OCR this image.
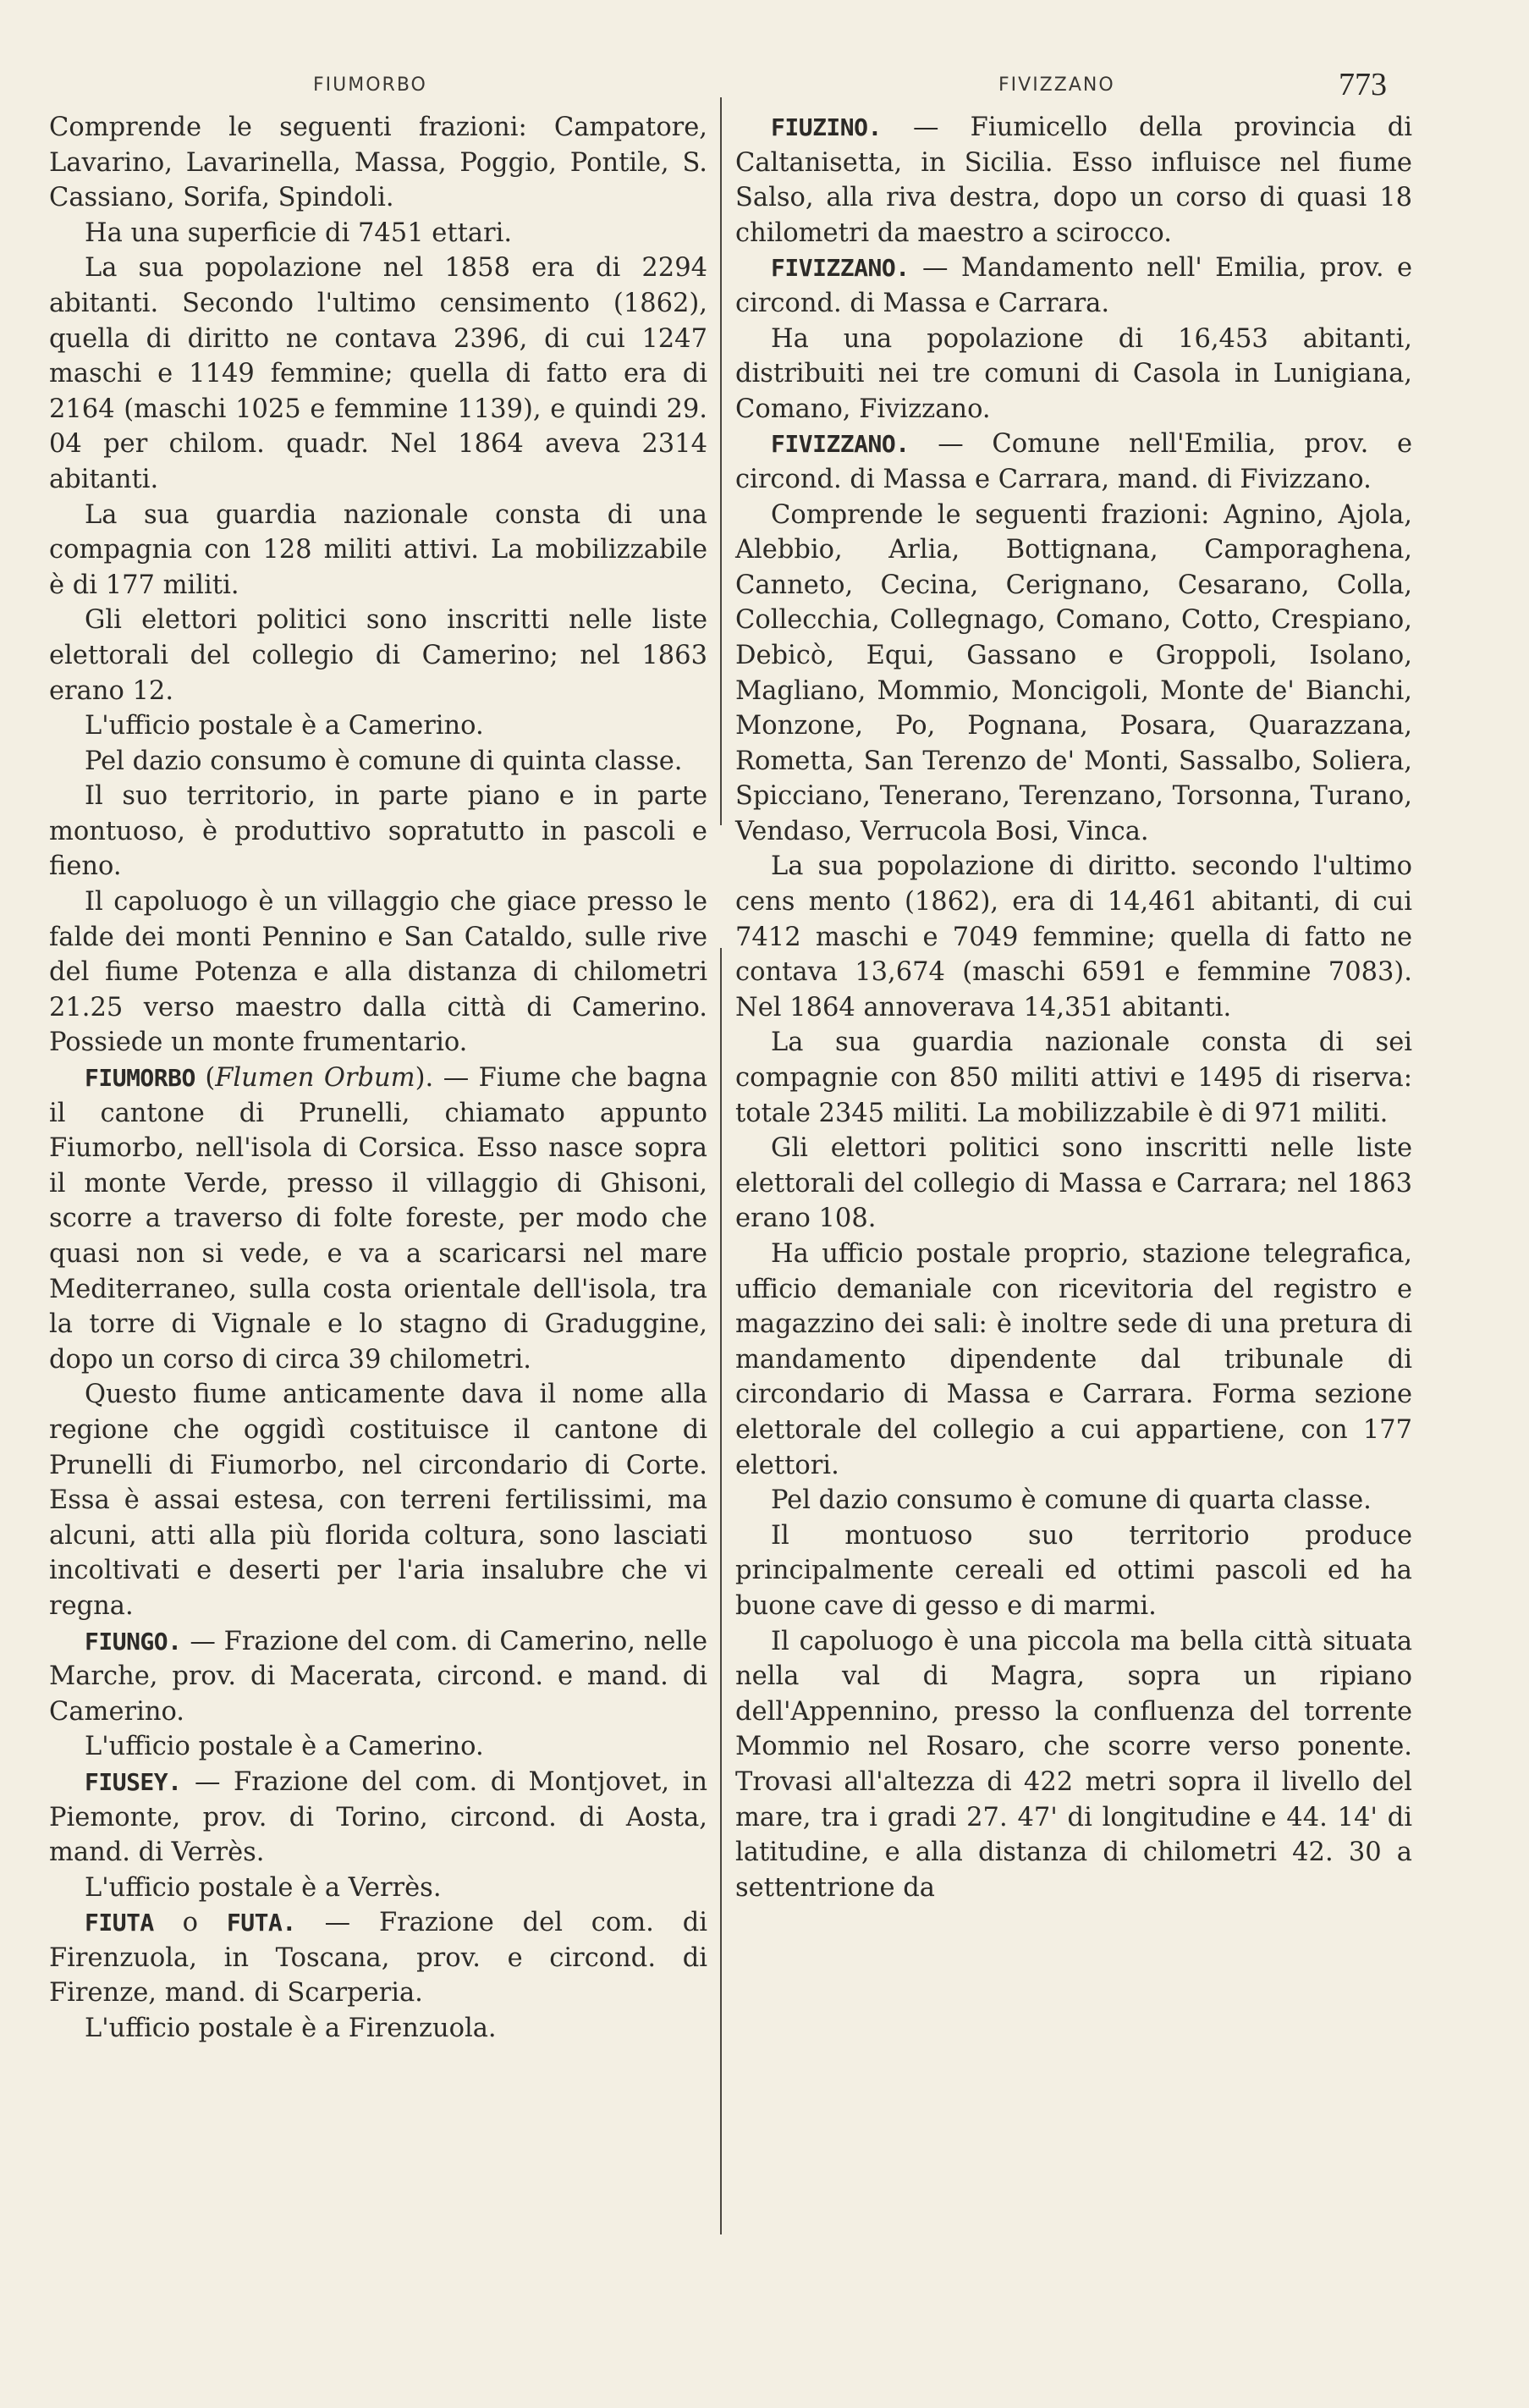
FIUMORBO	FIVIZZANO	773

Comprende le seguenti frazioni: Campatore, Lavarino, Lavarinella, Massa, Poggio, Pontile, S. Cassiano, Sorifa, Spindoli.

Ha una superficie di 7451 ettari.

La sua popolazione nel 1858 era di 2294 abitanti. Secondo l'ultimo censimento (1862), quella di diritto ne contava 2396, di cui 1247 maschi e 1149 femmine; quella di fatto era di 2164 (maschi 1025 e femmine 1139), e quindi 29. 04 per chilom. quadr. Nel 1864 aveva 2314 abitanti.

La sua guardia nazionale consta di una compagnia con 128 militi attivi. La mobilizzabile è di 177 militi.

Gli elettori politici sono inscritti nelle liste elettorali del collegio di Camerino; nel 1863 erano 12.

L'ufficio postale è a Camerino.

Pel dazio consumo è comune di quinta classe.

Il suo territorio, in parte piano e in parte montuoso, è produttivo sopratutto in pascoli e fieno.

Il capoluogo è un villaggio che giace presso le falde dei monti Pennino e San Cataldo, sulle rive del fiume Potenza e alla distanza di chilometri 21.25 verso maestro dalla città di Camerino. Possiede un monte frumentario.

FIUMORBO (Flumen Orbum). — Fiume che bagna il cantone di Prunelli, chiamato appunto Fiumorbo, nell'isola di Corsica. Esso nasce sopra il monte Verde, presso il villaggio di Ghisoni, scorre a traverso di folte foreste, per modo che quasi non si vede, e va a scaricarsi nel mare Mediterraneo, sulla costa orientale dell'isola, tra la torre di Vignale e lo stagno di Graduggine, dopo un corso di circa 39 chilometri.

Questo fiume anticamente dava il nome alla regione che oggidì costituisce il cantone di Prunelli di Fiumorbo, nel circondario di Corte. Essa è assai estesa, con terreni fertilissimi, ma alcuni, atti alla più florida coltura, sono lasciati incoltivati e deserti per l'aria insalubre che vi regna.

FIUNGO. — Frazione del com. di Camerino, nelle Marche, prov. di Macerata, circond. e mand. di Camerino.

L'ufficio postale è a Camerino.

FIUSEY. — Frazione del com. di Montjovet, in Piemonte, prov. di Torino, circond. di Aosta, mand. di Verrès.

L'ufficio postale è a Verrès.

FIUTA o FUTA. — Frazione del com. di Firenzuola, in Toscana, prov. e circond. di Firenze, mand. di Scarperia.

L'ufficio postale è a Firenzuola.

FIUZINO. — Fiumicello della provincia di Caltanisetta, in Sicilia. Esso influisce nel fiume Salso, alla riva destra, dopo un corso di quasi 18 chilometri da maestro a scirocco.

FIVIZZANO. — Mandamento nell' Emilia, prov. e circond. di Massa e Carrara.

Ha una popolazione di 16,453 abitanti, distribuiti nei tre comuni di Casola in Lunigiana, Comano, Fivizzano.

FIVIZZANO. — Comune nell'Emilia, prov. e circond. di Massa e Carrara, mand. di Fivizzano.

Comprende le seguenti frazioni: Agnino, Ajola, Alebbio, Arlia, Bottignana, Camporaghena, Canneto, Cecina, Cerignano, Cesarano, Colla, Collecchia, Collegnago, Comano, Cotto, Crespiano, Debicò, Equi, Gassano e Groppoli, Isolano, Magliano, Mommio, Moncigoli, Monte de' Bianchi, Monzone, Po, Pognana, Posara, Quarazzana, Rometta, San Terenzo de' Monti, Sassalbo, Soliera, Spicciano, Tenerano, Terenzano, Torsonna, Turano, Vendaso, Verrucola Bosi, Vinca.

La sua popolazione di diritto. secondo l'ultimo cens mento (1862), era di 14,461 abitanti, di cui 7412 maschi e 7049 femmine; quella di fatto ne contava 13,674 (maschi 6591 e femmine 7083). Nel 1864 annoverava 14,351 abitanti.

La sua guardia nazionale consta di sei compagnie con 850 militi attivi e 1495 di riserva: totale 2345 militi. La mobilizzabile è di 971 militi.

Gli elettori politici sono inscritti nelle liste elettorali del collegio di Massa e Carrara; nel 1863 erano 108.

Ha ufficio postale proprio, stazione telegrafica, ufficio demaniale con ricevitoria del registro e magazzino dei sali: è inoltre sede di una pretura di mandamento dipendente dal tribunale di circondario di Massa e Carrara. Forma sezione elettorale del collegio a cui appartiene, con 177 elettori.

Pel dazio consumo è comune di quarta classe.

Il montuoso suo territorio produce principalmente cereali ed ottimi pascoli ed ha buone cave di gesso e di marmi.

Il capoluogo è una piccola ma bella città situata nella val di Magra, sopra un ripiano dell'Appennino, presso la confluenza del torrente Mommio nel Rosaro, che scorre verso ponente. Trovasi all'altezza di 422 metri sopra il livello del mare, tra i gradi 27. 47' di longitudine e 44. 14' di latitudine, e alla distanza di chilometri 42. 30 a settentrione da
